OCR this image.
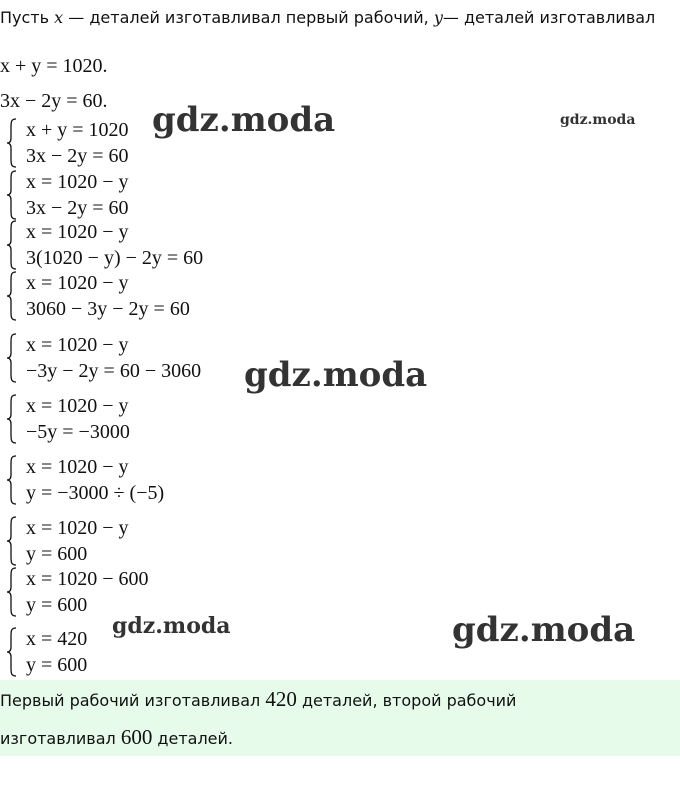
Пусть x — деталей изготавливал первый рабочий, y— деталей изготавливал
x + y = 1020.
3x − 2y = 60.
x + y = 1020
3x − 2y = 60
x = 1020 − y
3x − 2y = 60
x = 1020 − y
3(1020 − y) − 2y = 60
x = 1020 − y
3060 − 3y − 2y = 60
x = 1020 − y
−3y − 2y = 60 − 3060
x = 1020 − y
−5y = −3000
x = 1020 − y
y = −3000 ÷ (−5)
x = 1020 − y
y = 600
x = 1020 − 600
y = 600
x = 420
y = 600
gdz.moda	gdz.moda
gdz.moda
gdz.moda	gdz.moda
Первый рабочий изготавливал 420 деталей, второй рабочий
изготавливал 600 деталей.
